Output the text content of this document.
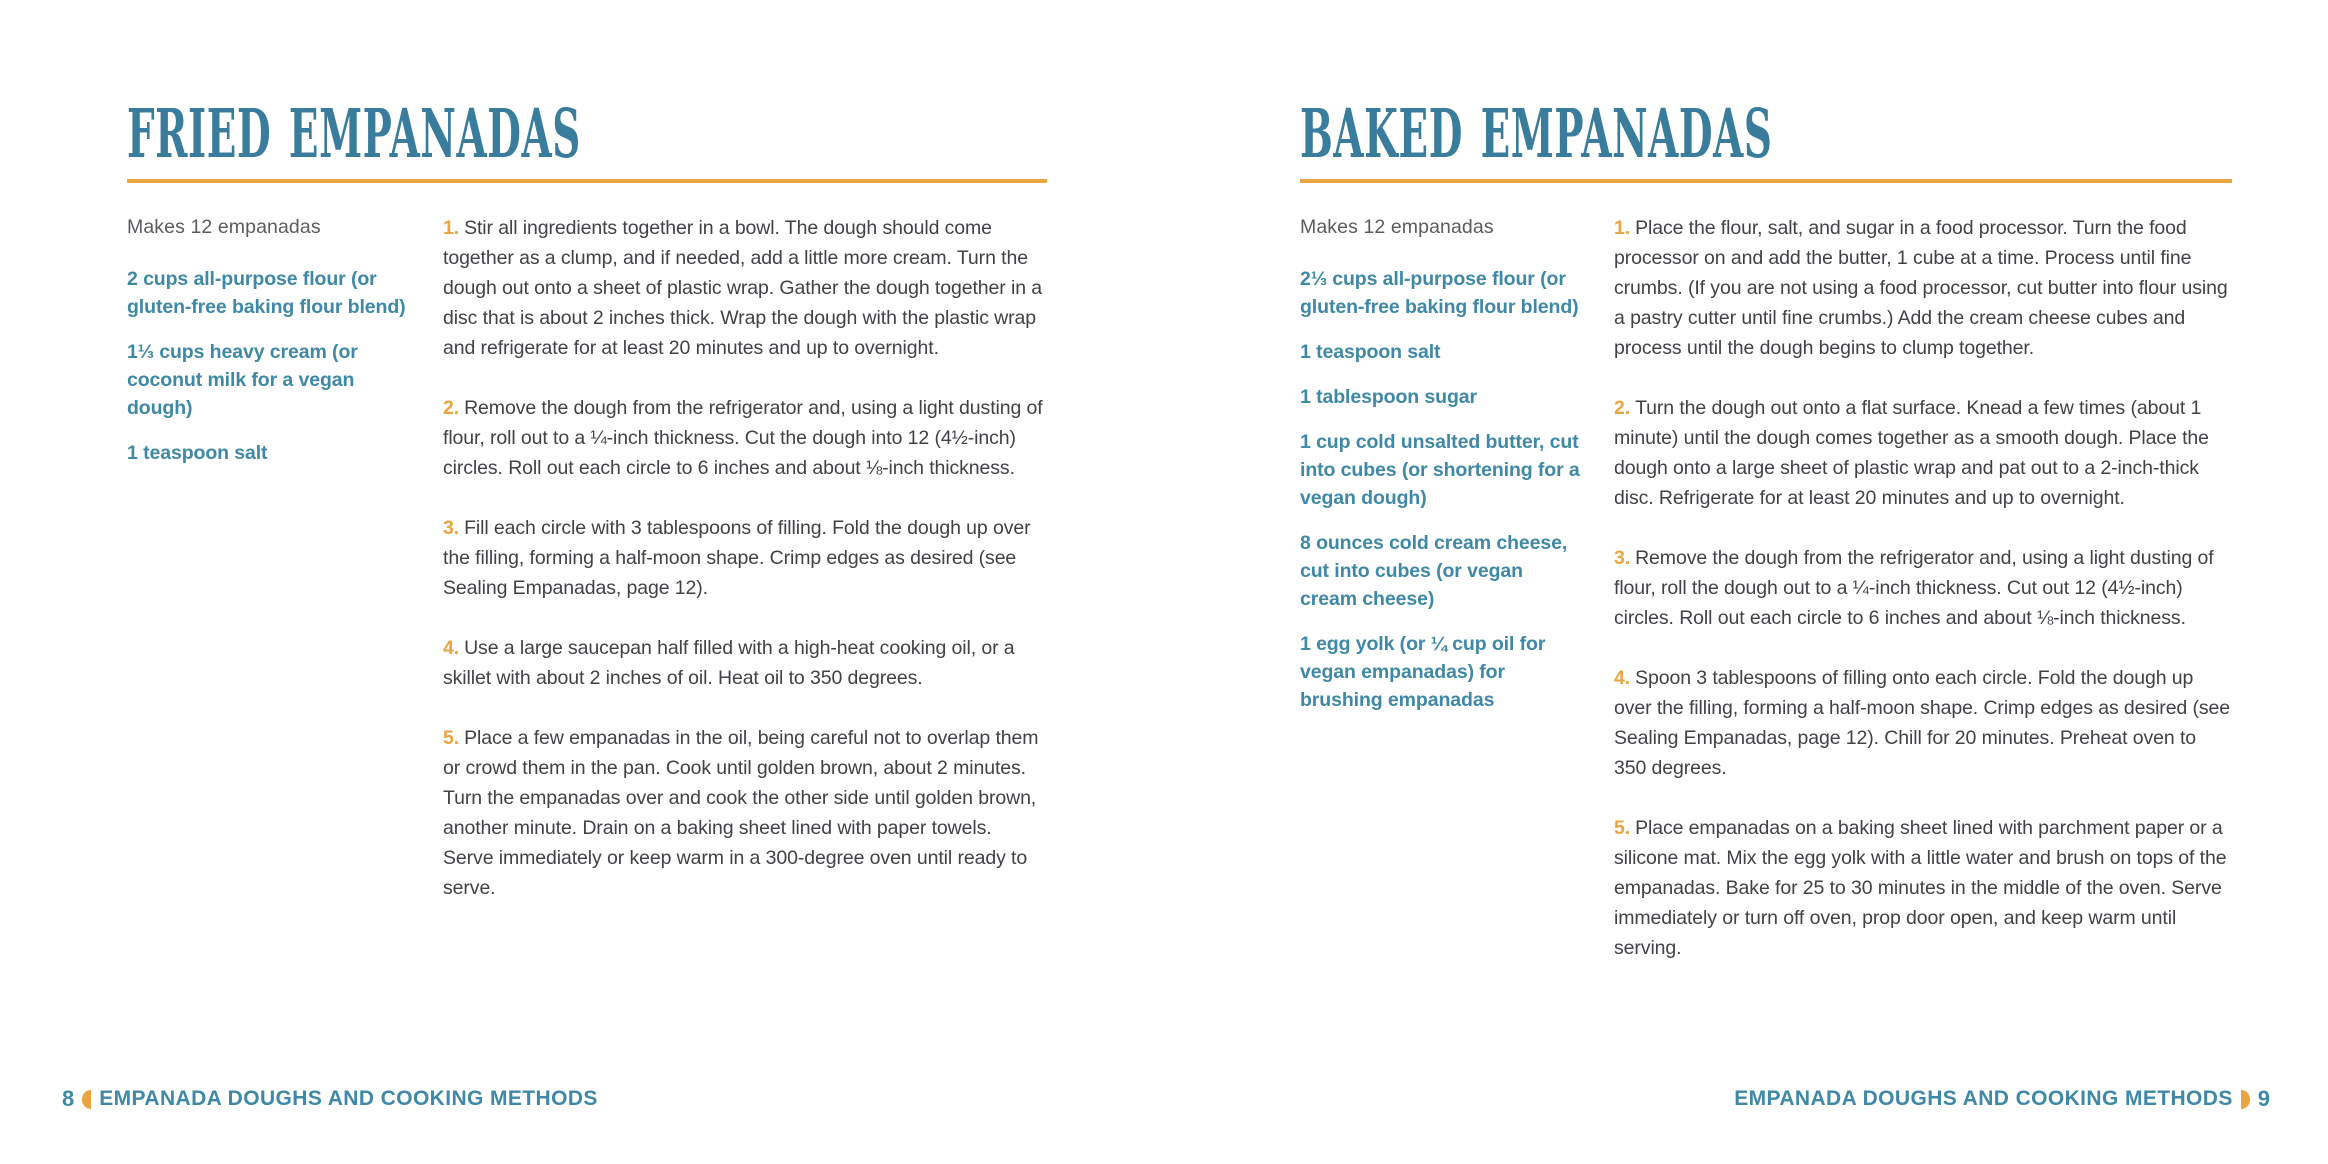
FRIED EMPANADAS

Makes 12 empanadas

2 cups all-purpose flour (or gluten-free baking flour blend)

1⅓ cups heavy cream (or coconut milk for a vegan dough)

1 teaspoon salt

1. Stir all ingredients together in a bowl. The dough should come together as a clump, and if needed, add a little more cream. Turn the dough out onto a sheet of plastic wrap. Gather the dough together in a disc that is about 2 inches thick. Wrap the dough with the plastic wrap and refrigerate for at least 20 minutes and up to overnight.

2. Remove the dough from the refrigerator and, using a light dusting of flour, roll out to a ¼-inch thickness. Cut the dough into 12 (4½-inch) circles. Roll out each circle to 6 inches and about ⅛-inch thickness.

3. Fill each circle with 3 tablespoons of filling. Fold the dough up over the filling, forming a half-moon shape. Crimp edges as desired (see Sealing Empanadas, page 12).

4. Use a large saucepan half filled with a high-heat cooking oil, or a skillet with about 2 inches of oil. Heat oil to 350 degrees.

5. Place a few empanadas in the oil, being careful not to overlap them or crowd them in the pan. Cook until golden brown, about 2 minutes. Turn the empanadas over and cook the other side until golden brown, another minute. Drain on a baking sheet lined with paper towels. Serve immediately or keep warm in a 300-degree oven until ready to serve.

8 EMPANADA DOUGHS AND COOKING METHODS
BAKED EMPANADAS

Makes 12 empanadas

2⅓ cups all-purpose flour (or gluten-free baking flour blend)

1 teaspoon salt

1 tablespoon sugar

1 cup cold unsalted butter, cut into cubes (or shortening for a vegan dough)

8 ounces cold cream cheese, cut into cubes (or vegan cream cheese)

1 egg yolk (or ¼ cup oil for vegan empanadas) for brushing empanadas

1. Place the flour, salt, and sugar in a food processor. Turn the food processor on and add the butter, 1 cube at a time. Process until fine crumbs. (If you are not using a food processor, cut butter into flour using a pastry cutter until fine crumbs.) Add the cream cheese cubes and process until the dough begins to clump together.

2. Turn the dough out onto a flat surface. Knead a few times (about 1 minute) until the dough comes together as a smooth dough. Place the dough onto a large sheet of plastic wrap and pat out to a 2-inch-thick disc. Refrigerate for at least 20 minutes and up to overnight.

3. Remove the dough from the refrigerator and, using a light dusting of flour, roll the dough out to a ¼-inch thickness. Cut out 12 (4½-inch) circles. Roll out each circle to 6 inches and about ⅛-inch thickness.

4. Spoon 3 tablespoons of filling onto each circle. Fold the dough up over the filling, forming a half-moon shape. Crimp edges as desired (see Sealing Empanadas, page 12). Chill for 20 minutes. Preheat oven to 350 degrees.

5. Place empanadas on a baking sheet lined with parchment paper or a silicone mat. Mix the egg yolk with a little water and brush on tops of the empanadas. Bake for 25 to 30 minutes in the middle of the oven. Serve immediately or turn off oven, prop door open, and keep warm until serving.

EMPANADA DOUGHS AND COOKING METHODS 9
